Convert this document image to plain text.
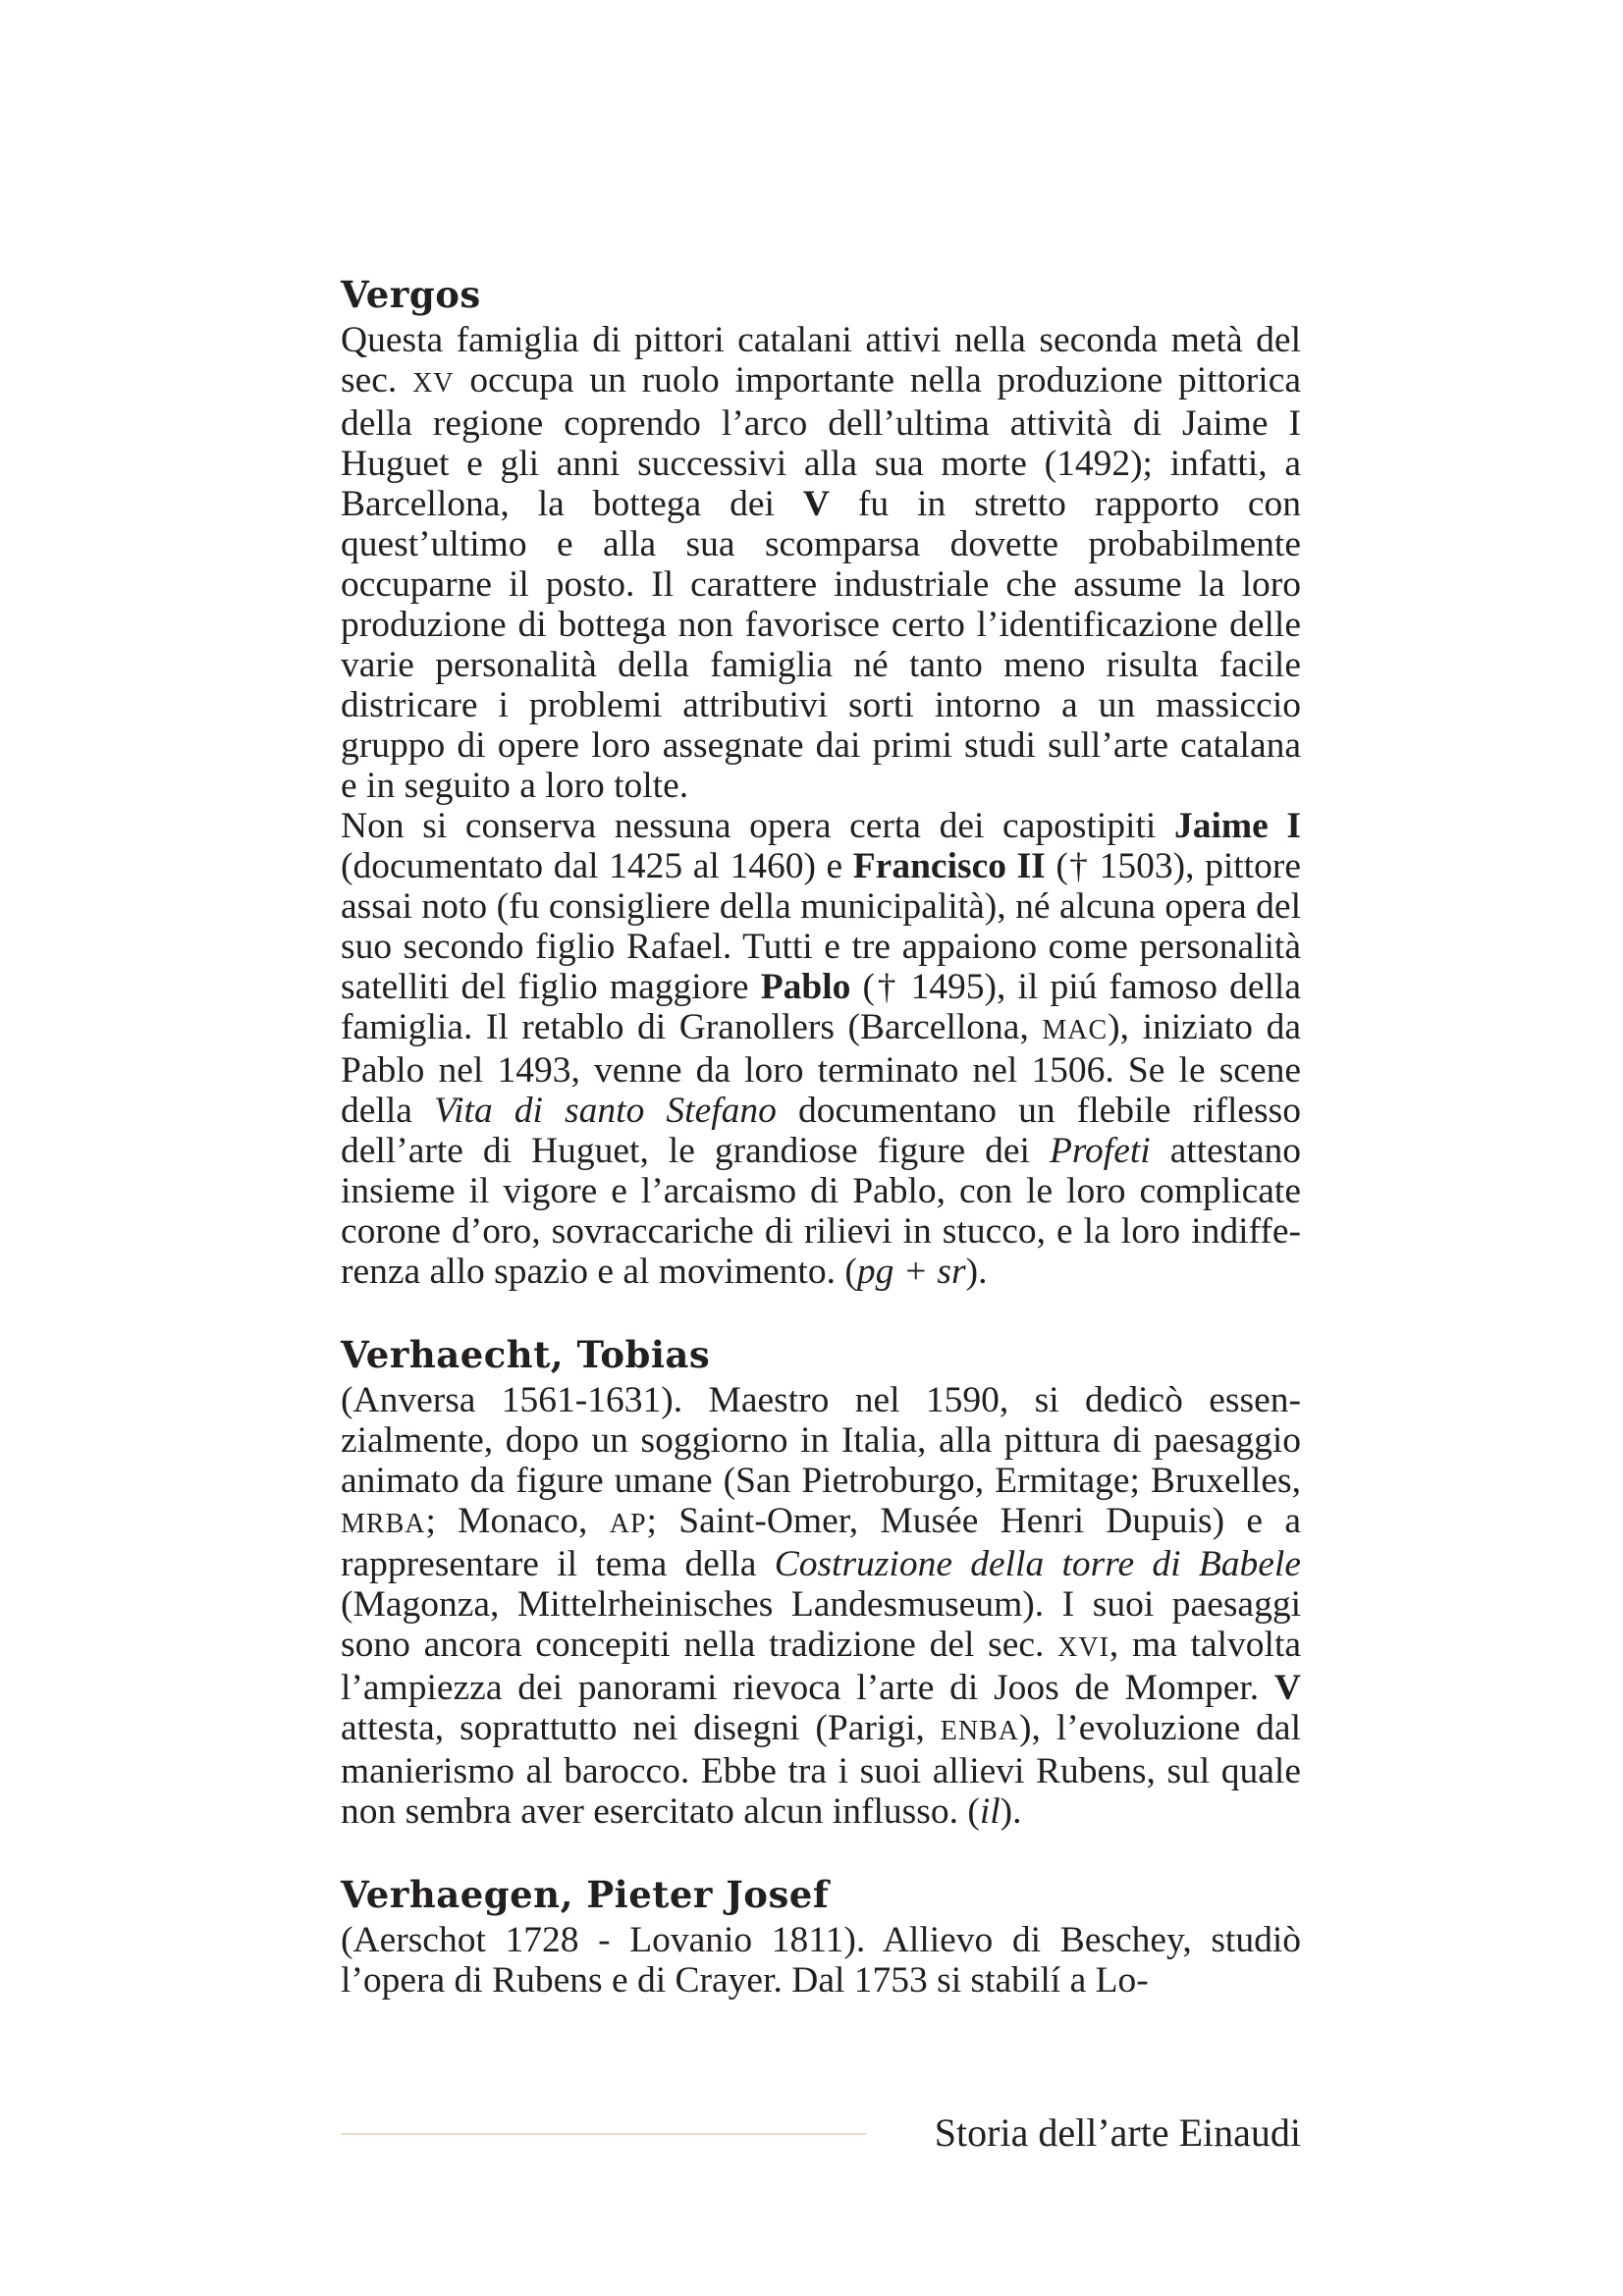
Vergos

Questa famiglia di pittori catalani attivi nella seconda metà del sec. XV occupa un ruolo importante nella produzione pittorica della regione coprendo l’arco dell’ultima attività di Jaime I Huguet e gli anni successivi alla sua morte (1492); infatti, a Barcellona, la bottega dei V fu in stretto rapporto con quest’ultimo e alla sua scomparsa dovette probabilmente occuparne il posto. Il carattere industriale che assume la loro produzione di bottega non favorisce certo l’identificazione delle varie personalità della famiglia né tanto meno risulta facile districare i problemi attributivi sorti intorno a un massiccio gruppo di opere loro assegnate dai primi studi sull’arte catalana e in seguito a loro tolte.

Non si conserva nessuna opera certa dei capostipiti Jaime I (documentato dal 1425 al 1460) e Francisco II († 1503), pittore assai noto (fu consigliere della municipalità), né alcuna opera del suo secondo figlio Rafael. Tutti e tre appaiono come personalità satelliti del figlio maggiore Pablo († 1495), il piú famoso della famiglia. Il retablo di Granollers (Barcellona, MAC), iniziato da Pablo nel 1493, venne da loro terminato nel 1506. Se le scene della Vita di santo Stefano documentano un flebile riflesso dell’arte di Huguet, le grandiose figure dei Profeti attestano insieme il vigore e l’arcaismo di Pablo, con le loro complicate corone d’oro, sovraccariche di rilievi in stucco, e la loro indifferenza allo spazio e al movimento. (pg + sr).

Verhaecht, Tobias

(Anversa 1561-1631). Maestro nel 1590, si dedicò essenzialmente, dopo un soggiorno in Italia, alla pittura di paesaggio animato da figure umane (San Pietroburgo, Ermitage; Bruxelles, MRBA; Monaco, AP; Saint-Omer, Musée Henri Dupuis) e a rappresentare il tema della Costruzione della torre di Babele (Magonza, Mittelrheinisches Landesmuseum). I suoi paesaggi sono ancora concepiti nella tradizione del sec. XVI, ma talvolta l’ampiezza dei panorami rievoca l’arte di Joos de Momper. V attesta, soprattutto nei disegni (Parigi, ENBA), l’evoluzione dal manierismo al barocco. Ebbe tra i suoi allievi Rubens, sul quale non sembra aver esercitato alcun influsso. (il).

Verhaegen, Pieter Josef

(Aerschot 1728 - Lovanio 1811). Allievo di Beschey, studiò l’opera di Rubens e di Crayer. Dal 1753 si stabilí a Lo-

Storia dell’arte Einaudi
